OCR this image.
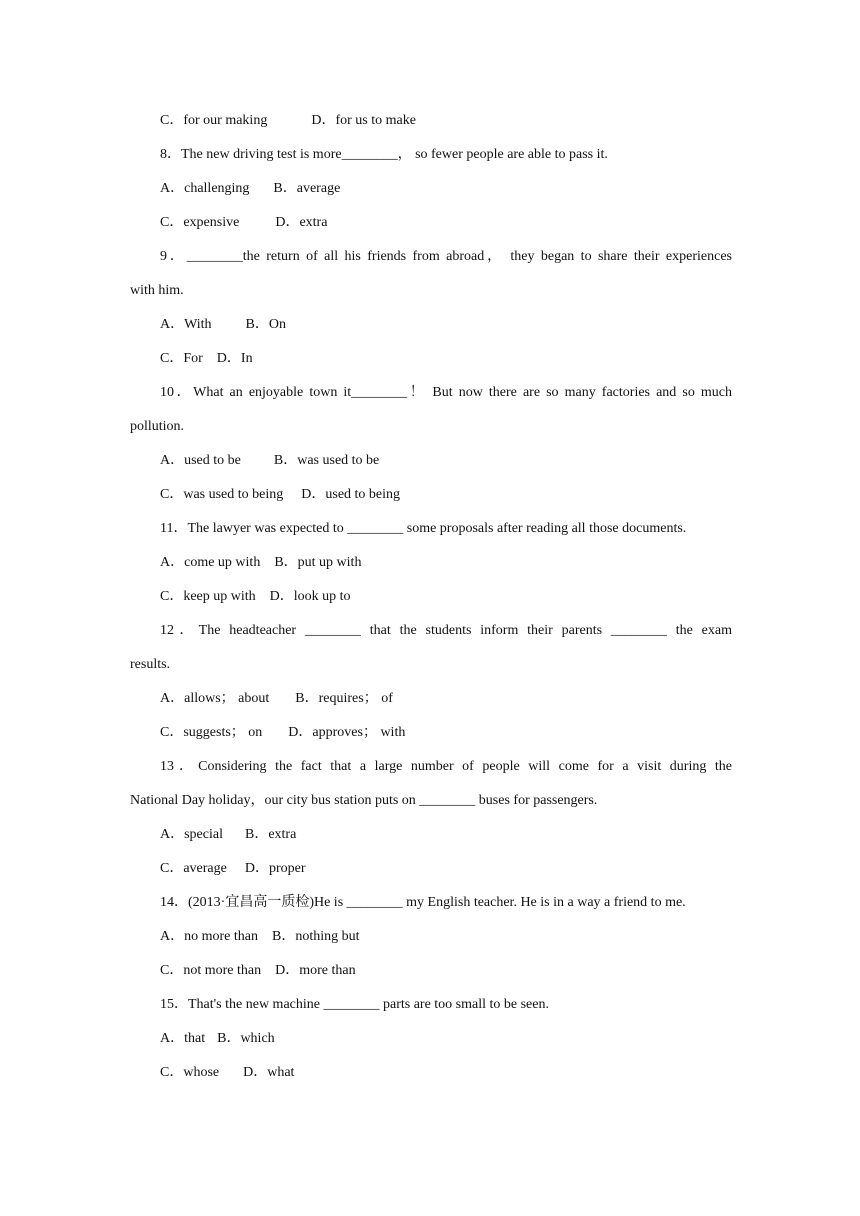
C．for our making	D．for us to make
8．The new driving test is more________， so fewer people are able to pass it.
A．challenging B．average
C．expensive	D．extra
9．________the return of all his friends from abroad， they began to share their experiences
with him.
A．With B．On
C．For D．In
10．What an enjoyable town it________！ But now there are so many factories and so much
pollution.
A．used to be B．was used to be
C．was used to being D．used to being
11．The lawyer was expected to ________ some proposals after reading all those documents.
A．come up with B．put up with
C．keep up with D．look up to
12．The headteacher ________ that the students inform their parents ________ the exam
results.
A．allows； about B．requires； of
C．suggests； on D．approves； with
13．Considering the fact that a large number of people will come for a visit during the
National Day holiday，our city bus station puts on ________ buses for passengers.
A．special B．extra
C．average D．proper
14．(2013·宜昌高一质检)He is ________ my English teacher. He is in a way a friend to me.
A．no more than B．nothing but
C．not more than D．more than
15．That's the new machine ________ parts are too small to be seen.
A．that B．which
C．whose D．what
